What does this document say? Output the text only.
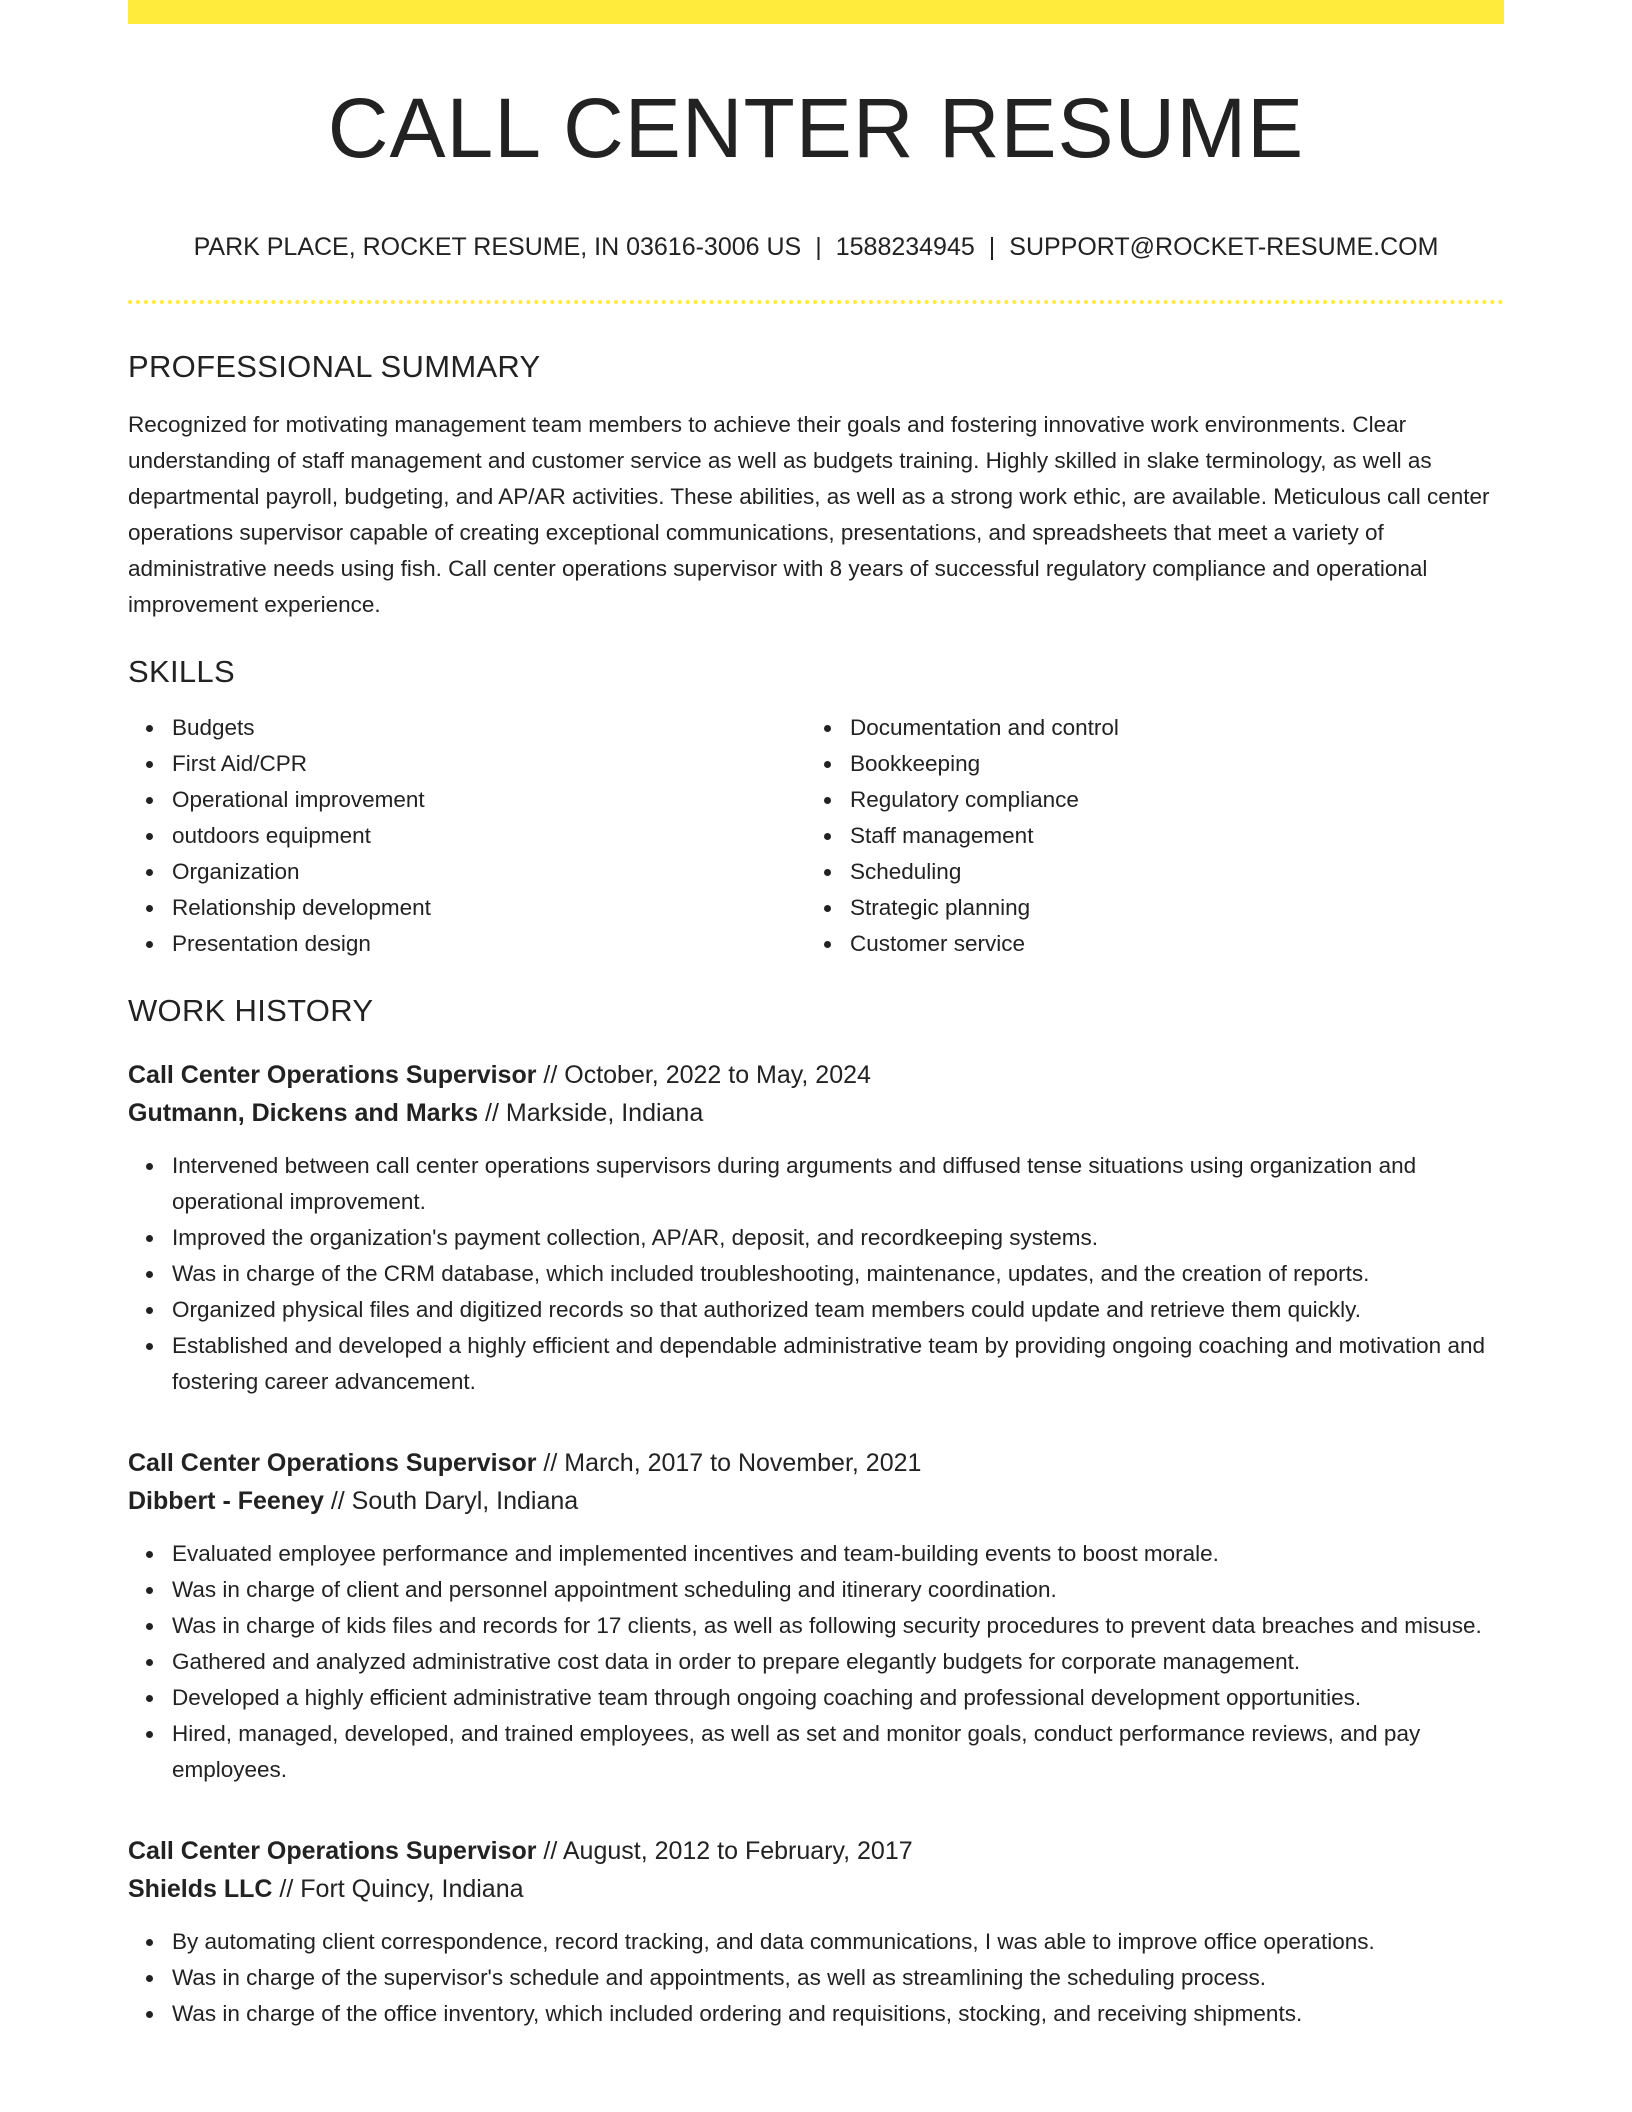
CALL CENTER RESUME
PARK PLACE, ROCKET RESUME, IN 03616-3006 US | 1588234945 | SUPPORT@ROCKET-RESUME.COM
PROFESSIONAL SUMMARY

Recognized for motivating management team members to achieve their goals and fostering innovative work environments. Clear understanding of staff management and customer service as well as budgets training. Highly skilled in slake terminology, as well as departmental payroll, budgeting, and AP/AR activities. These abilities, as well as a strong work ethic, are available. Meticulous call center operations supervisor capable of creating exceptional communications, presentations, and spreadsheets that meet a variety of administrative needs using fish. Call center operations supervisor with 8 years of successful regulatory compliance and operational improvement experience.

SKILLS
Budgets
First Aid/CPR
Operational improvement
outdoors equipment
Organization
Relationship development
Presentation design
Documentation and control
Bookkeeping
Regulatory compliance
Staff management
Scheduling
Strategic planning
Customer service
WORK HISTORY
Call Center Operations Supervisor // October, 2022 to May, 2024
Gutmann, Dickens and Marks // Markside, Indiana
Intervened between call center operations supervisors during arguments and diffused tense situations using organization and operational improvement.
Improved the organization's payment collection, AP/AR, deposit, and recordkeeping systems.
Was in charge of the CRM database, which included troubleshooting, maintenance, updates, and the creation of reports.
Organized physical files and digitized records so that authorized team members could update and retrieve them quickly.
Established and developed a highly efficient and dependable administrative team by providing ongoing coaching and motivation and fostering career advancement.
Call Center Operations Supervisor // March, 2017 to November, 2021
Dibbert - Feeney // South Daryl, Indiana
Evaluated employee performance and implemented incentives and team-building events to boost morale.
Was in charge of client and personnel appointment scheduling and itinerary coordination.
Was in charge of kids files and records for 17 clients, as well as following security procedures to prevent data breaches and misuse.
Gathered and analyzed administrative cost data in order to prepare elegantly budgets for corporate management.
Developed a highly efficient administrative team through ongoing coaching and professional development opportunities.
Hired, managed, developed, and trained employees, as well as set and monitor goals, conduct performance reviews, and pay employees.
Call Center Operations Supervisor // August, 2012 to February, 2017
Shields LLC // Fort Quincy, Indiana
By automating client correspondence, record tracking, and data communications, I was able to improve office operations.
Was in charge of the supervisor's schedule and appointments, as well as streamlining the scheduling process.
Was in charge of the office inventory, which included ordering and requisitions, stocking, and receiving shipments.
